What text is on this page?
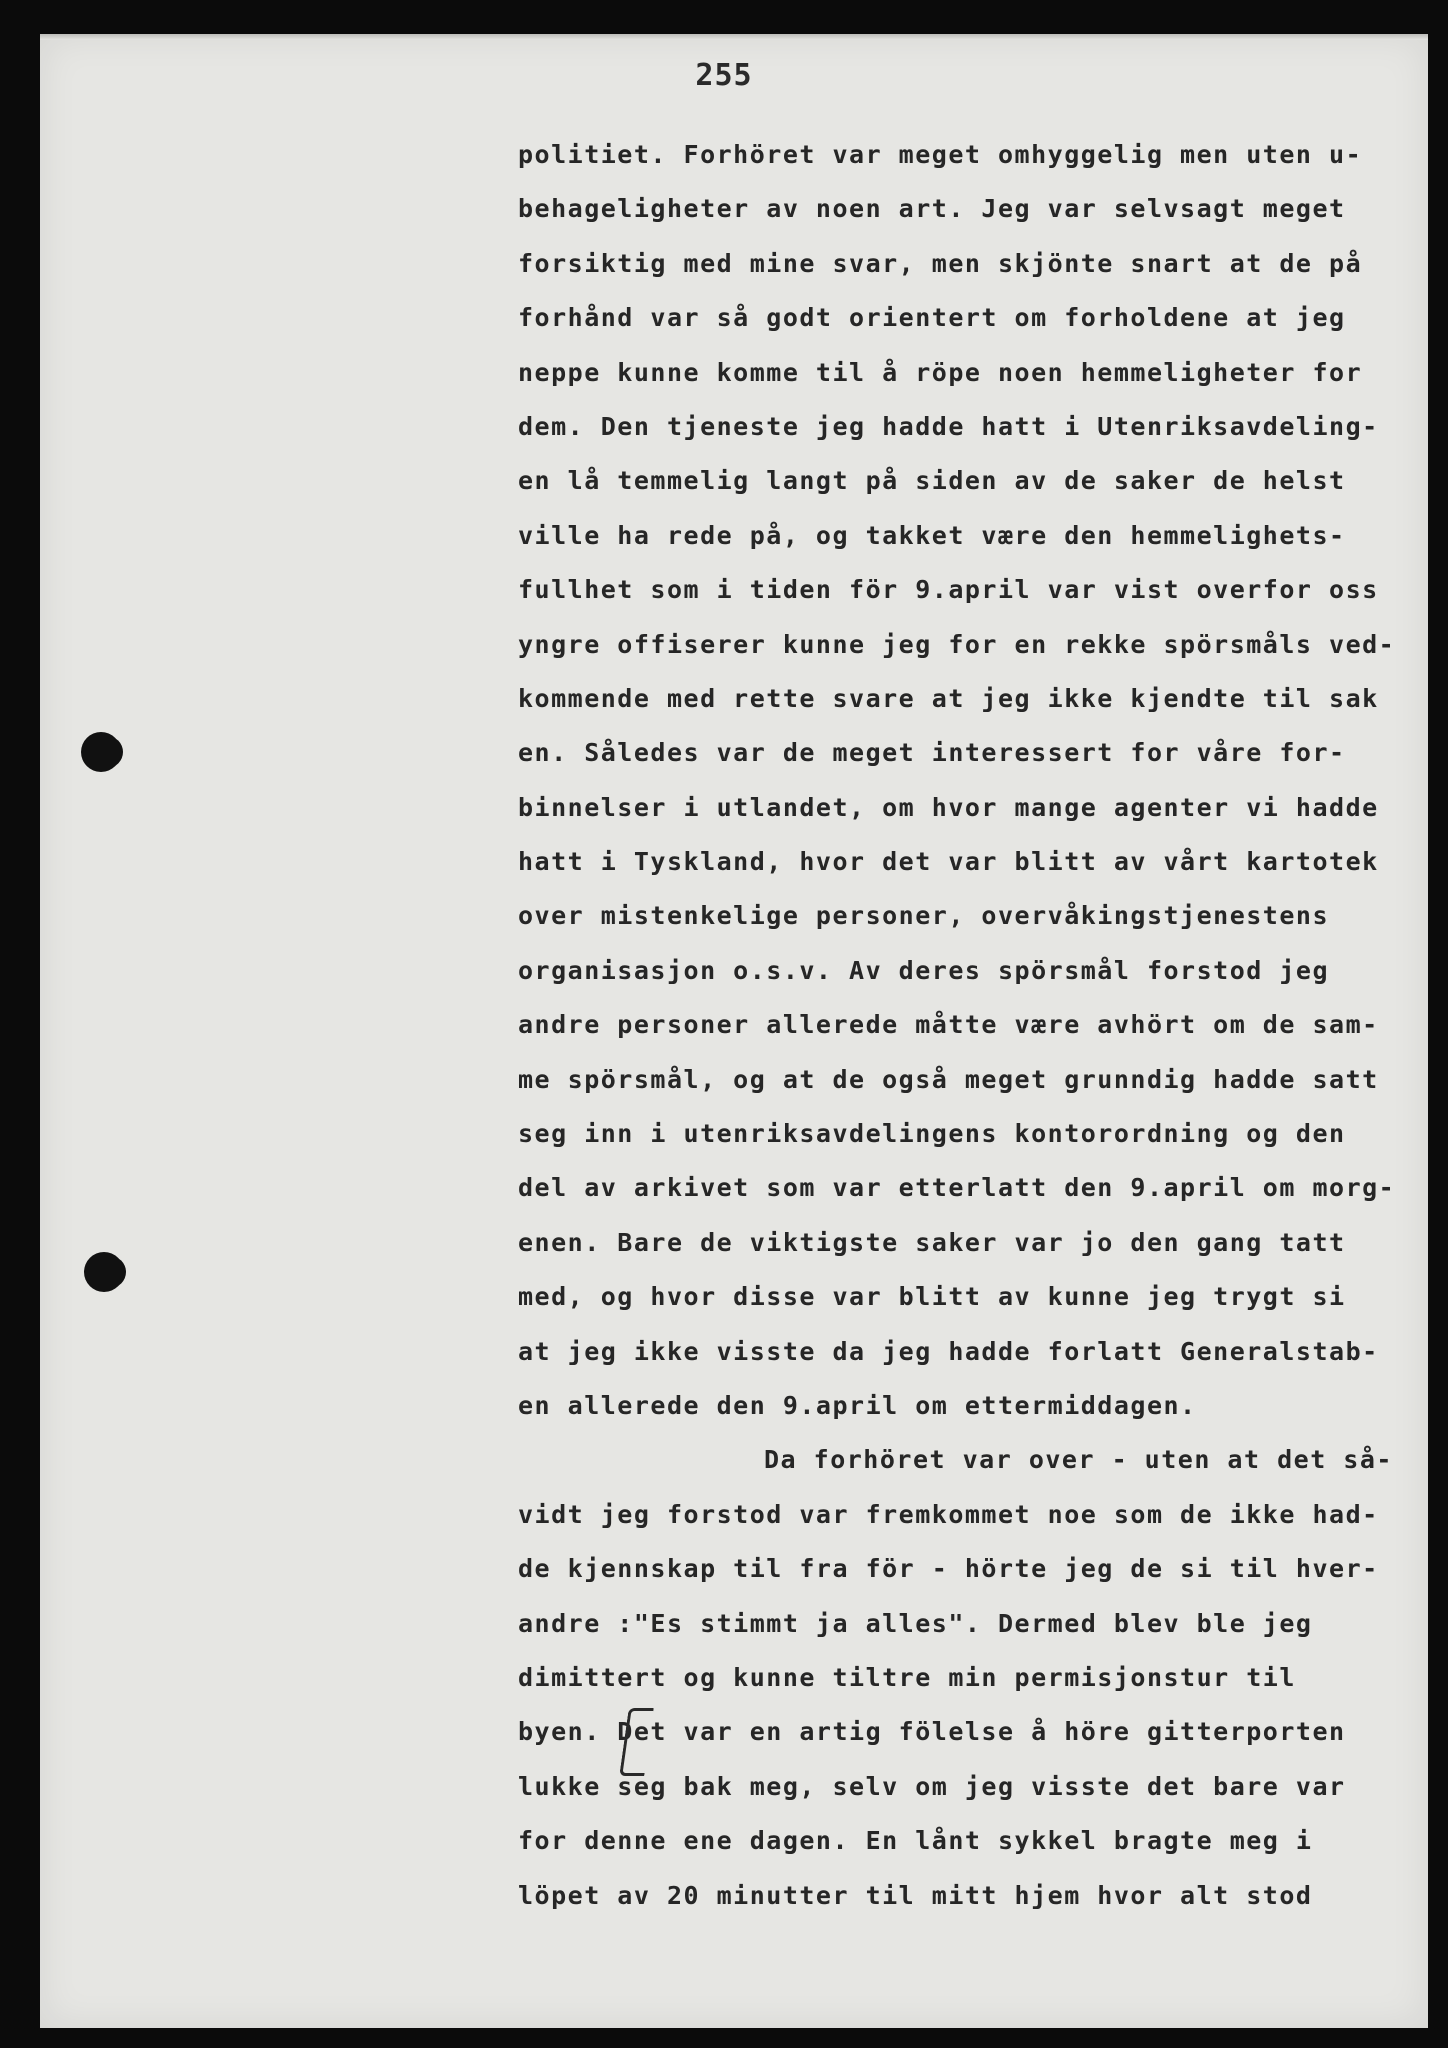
255
politiet. Forhöret var meget omhyggelig men uten u-
behageligheter av noen art. Jeg var selvsagt meget
forsiktig med mine svar, men skjönte snart at de på
forhånd var så godt orientert om forholdene at jeg
neppe kunne komme til å röpe noen hemmeligheter for
dem. Den tjeneste jeg hadde hatt i Utenriksavdeling-
en lå temmelig langt på siden av de saker de helst
ville ha rede på, og takket være den hemmelighets-
fullhet som i tiden för 9.april var vist overfor oss
yngre offiserer kunne jeg for en rekke spörsmåls ved-
kommende med rette svare at jeg ikke kjendte til sak
en. Således var de meget interessert for våre for-
binnelser i utlandet, om hvor mange agenter vi hadde
hatt i Tyskland, hvor det var blitt av vårt kartotek
over mistenkelige personer, overvåkingstjenestens
organisasjon o.s.v. Av deres spörsmål forstod jeg
andre personer allerede måtte være avhört om de sam-
me spörsmål, og at de også meget grunndig hadde satt
seg inn i utenriksavdelingens kontorordning og den
del av arkivet som var etterlatt den 9.april om morg-
enen. Bare de viktigste saker var jo den gang tatt
med, og hvor disse var blitt av kunne jeg trygt si
at jeg ikke visste da jeg hadde forlatt Generalstab-
en allerede den 9.april om ettermiddagen.
Da forhöret var over - uten at det så-
vidt jeg forstod var fremkommet noe som de ikke had-
de kjennskap til fra för - hörte jeg de si til hver-
andre :"Es stimmt ja alles". Dermed blev ble jeg
dimittert og kunne tiltre min permisjonstur til
byen. Det var en artig fölelse å höre gitterporten
lukke seg bak meg, selv om jeg visste det bare var
for denne ene dagen. En lånt sykkel bragte meg i
löpet av 20 minutter til mitt hjem hvor alt stod
